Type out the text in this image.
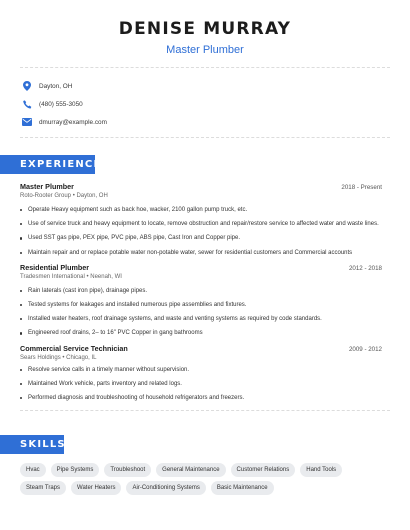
DENISE MURRAY
Master Plumber
Dayton, OH
(480) 555-3050
dmurray@example.com
EXPERIENCE
Master Plumber	2018 - Present
Roto-Rooter Group • Dayton, OH
Operate Heavy equipment such as back hoe, wacker, 2100 gallon pump truck, etc.
Use of service truck and heavy equipment to locate, remove obstruction and repair/restore service to affected water and waste lines.
Used SST gas pipe, PEX pipe, PVC pipe, ABS pipe, Cast Iron and Copper pipe.
Maintain repair and or replace potable water non-potable water, sewer for residential customers and Commercial accounts
Residential Plumber	2012 - 2018
Tradesmen International • Neenah, WI
Rain laterals (cast iron pipe), drainage pipes.
Tested systems for leakages and installed numerous pipe assemblies and fixtures.
Installed water heaters, roof drainage systems, and waste and venting systems as required by code standards.
Engineered roof drains, 2– to 16" PVC Copper in gang bathrooms
Commercial Service Technician	2009 - 2012
Sears Holdings • Chicago, IL
Resolve service calls in a timely manner without supervision.
Maintained Work vehicle, parts inventory and related logs.
Performed diagnosis and troubleshooting of household refrigerators and freezers.
SKILLS
Hvac	Pipe Systems	Troubleshoot	General Maintenance	Customer Relations	Hand Tools
Steam Traps	Water Heaters	Air-Conditioning Systems	Basic Maintenance
